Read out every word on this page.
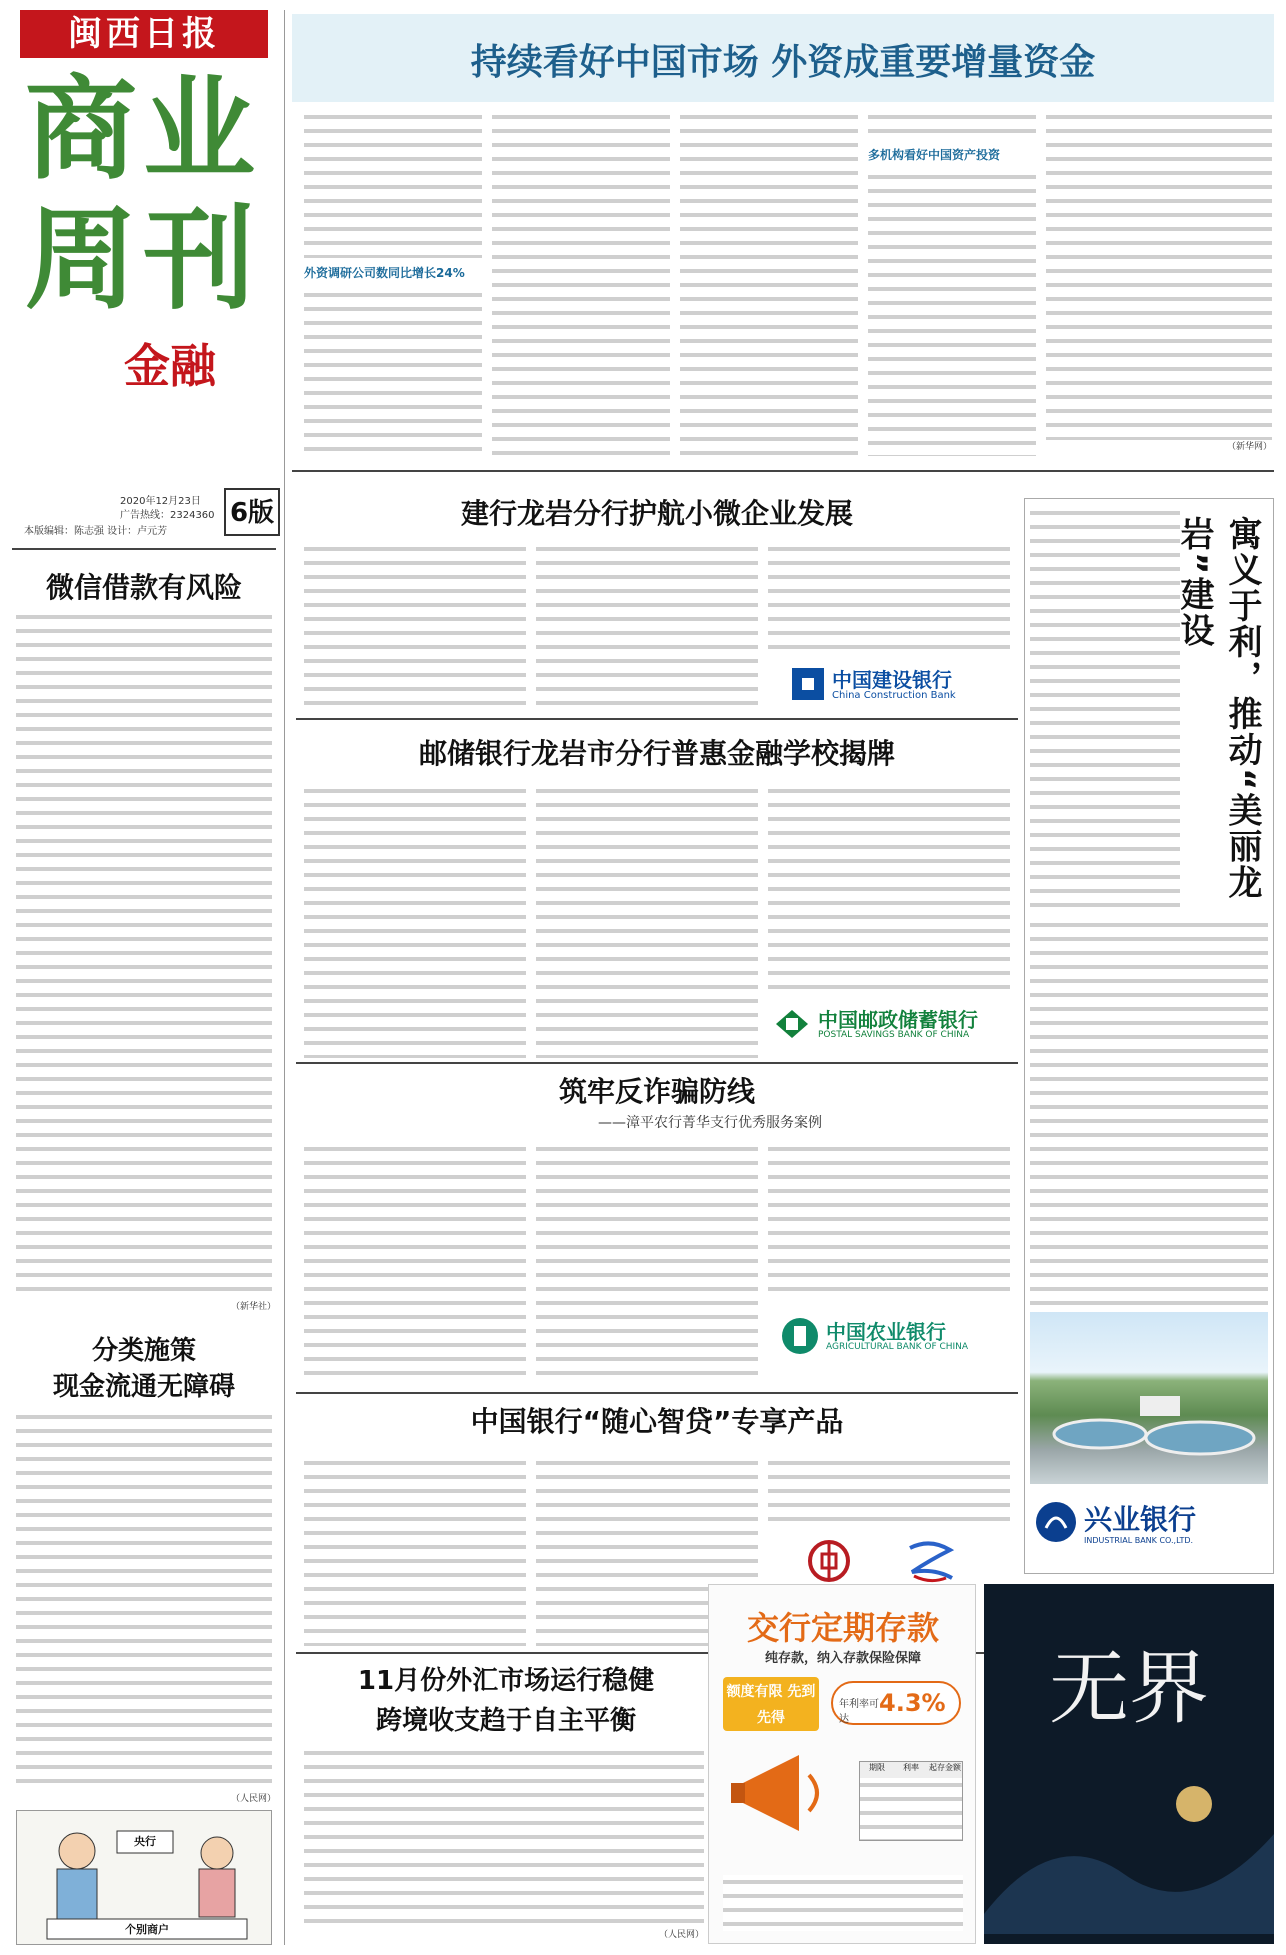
闽西日报
商业
周刊
金融
2020年12月23日
广告热线：2324360
本版编辑：陈志强 设计：卢元芳
6版
微信借款有风险
（新华社）
分类施策
现金流通无障碍
（人民网）
央行
个别商户
持续看好中国市场 外资成重要增量资金
外资调研公司数同比增长24%
多机构看好中国资产投资
（新华网）
建行龙岩分行护航小微企业发展
中国建设银行
China Construction Bank
邮储银行龙岩市分行普惠金融学校揭牌
中国邮政储蓄银行
POSTAL SAVINGS BANK OF CHINA
筑牢反诈骗防线
——漳平农行菁华支行优秀服务案例
中国农业银行
AGRICULTURAL BANK OF CHINA
中国银行“随心智贷”专享产品
寓义于利，推动“美丽龙岩”建设
兴业银行
INDUSTRIAL BANK CO.,LTD.
11月份外汇市场运行稳健
跨境收支趋于自主平衡
（人民网）
交行定期存款
纯存款，纳入存款保险保障
额度有限 先到先得
年利率可达
4.3%
期限	利率	起存金额
无界
